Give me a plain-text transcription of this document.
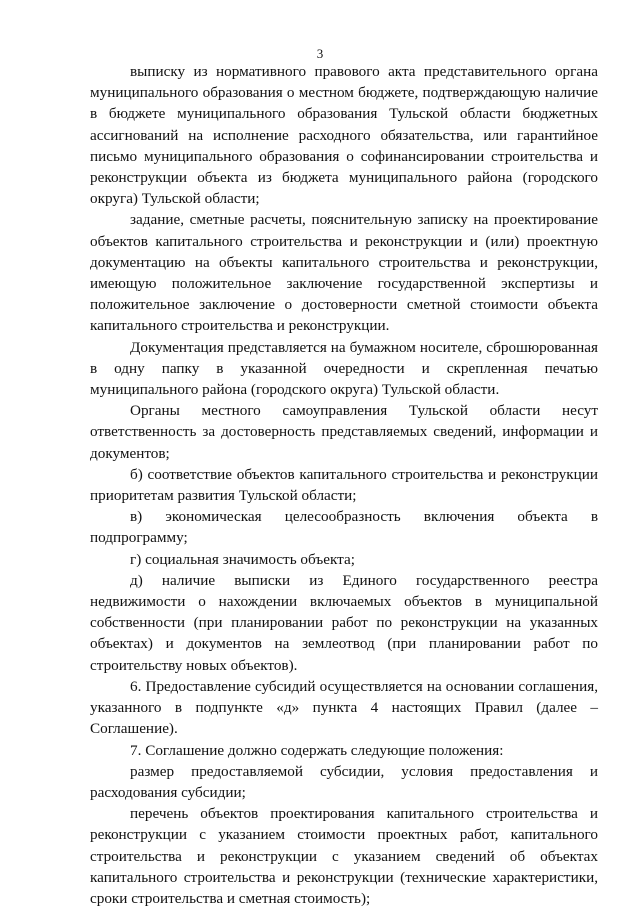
3

выписку из нормативного правового акта представительного органа муниципального образования о местном бюджете, подтверждающую наличие в бюджете муниципального образования Тульской области бюджетных ассигнований на исполнение расходного обязательства, или гарантийное письмо муниципального образования о софинансировании строительства и реконструкции объекта из бюджета муниципального района (городского округа) Тульской области;

задание, сметные расчеты, пояснительную записку на проектирование объектов капитального строительства и реконструкции и (или) проектную документацию на объекты капитального строительства и реконструкции, имеющую положительное заключение государственной экспертизы и положительное заключение о достоверности сметной стоимости объекта капитального строительства и реконструкции.

Документация представляется на бумажном носителе, сброшюрованная в одну папку в указанной очередности и скрепленная печатью муниципального района (городского округа) Тульской области.

Органы местного самоуправления Тульской области несут ответственность за достоверность представляемых сведений, информации и документов;

б) соответствие объектов капитального строительства и реконструкции приоритетам развития Тульской области;

в) экономическая целесообразность включения объекта в подпрограмму;

г) социальная значимость объекта;

д) наличие выписки из Единого государственного реестра недвижимости о нахождении включаемых объектов в муниципальной собственности (при планировании работ по реконструкции на указанных объектах) и документов на землеотвод (при планировании работ по строительству новых объектов).

6. Предоставление субсидий осуществляется на основании соглашения, указанного в подпункте «д» пункта 4 настоящих Правил (далее – Соглашение).

7. Соглашение должно содержать следующие положения:

размер предоставляемой субсидии, условия предоставления и расходования субсидии;

перечень объектов проектирования капитального строительства и реконструкции с указанием стоимости проектных работ, капитального строительства и реконструкции с указанием сведений об объектах капитального строительства и реконструкции (технические характеристики, сроки строительства и сметная стоимость);
